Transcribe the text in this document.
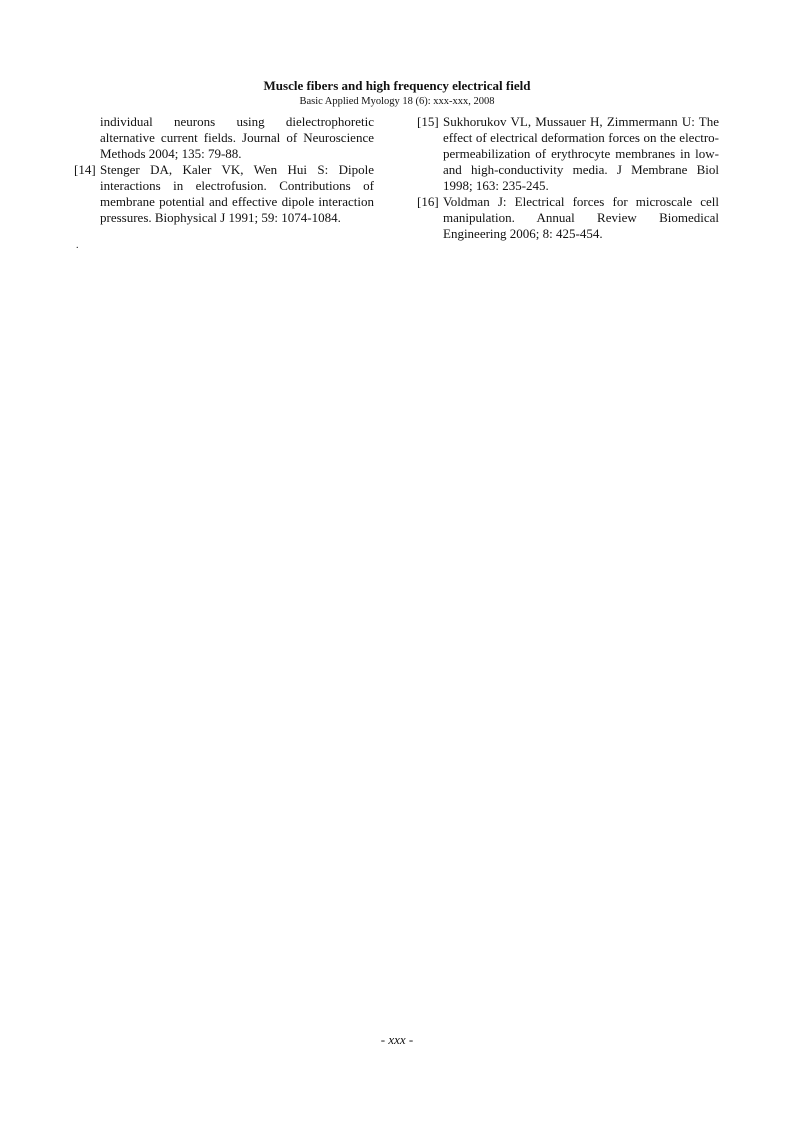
Muscle fibers and high frequency electrical field
Basic Applied Myology 18 (6): xxx-xxx, 2008
individual neurons using dielectrophoretic alternative current fields. Journal of Neuroscience Methods 2004; 135: 79-88.
[14] Stenger DA, Kaler VK, Wen Hui S: Dipole interactions in electrofusion. Contributions of membrane potential and effective dipole interaction pressures. Biophysical J 1991; 59: 1074-1084.
.
[15] Sukhorukov VL, Mussauer H, Zimmermann U: The effect of electrical deformation forces on the electro-permeabilization of erythrocyte membranes in low- and high-conductivity media. J Membrane Biol 1998; 163: 235-245.
[16] Voldman J: Electrical forces for microscale cell manipulation. Annual Review Biomedical Engineering 2006; 8: 425-454.
- xxx -
